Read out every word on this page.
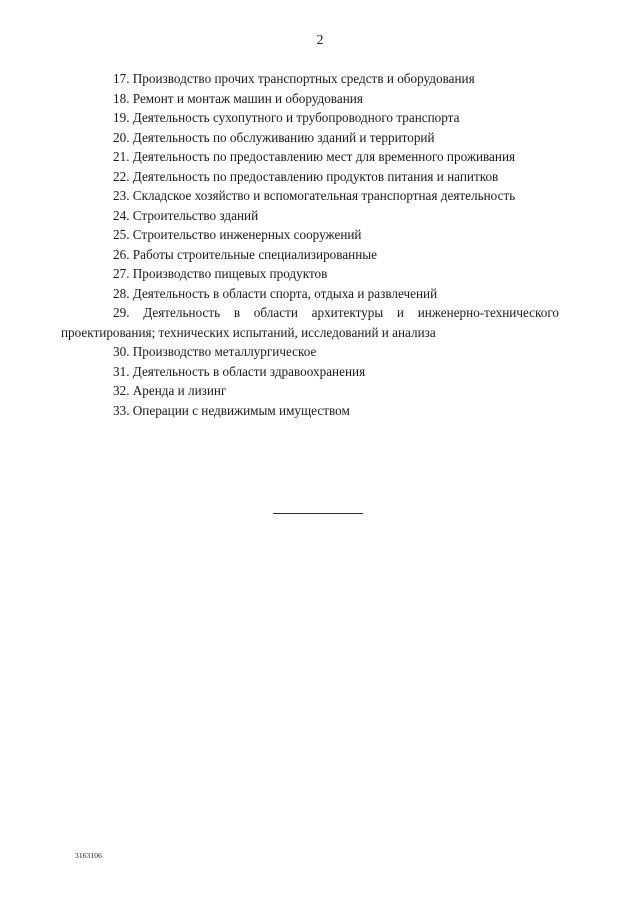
2
17. Производство прочих транспортных средств и оборудования
18. Ремонт и монтаж машин и оборудования
19. Деятельность сухопутного и трубопроводного транспорта
20. Деятельность по обслуживанию зданий и территорий
21. Деятельность по предоставлению мест для временного проживания
22. Деятельность по предоставлению продуктов питания и напитков
23. Складское хозяйство и вспомогательная транспортная деятельность
24. Строительство зданий
25. Строительство инженерных сооружений
26. Работы строительные специализированные
27. Производство пищевых продуктов
28. Деятельность в области спорта, отдыха и развлечений
29. Деятельность в области архитектуры и инженерно-технического проектирования; технических испытаний, исследований и анализа
30. Производство металлургическое
31. Деятельность в области здравоохранения
32. Аренда и лизинг
33. Операции с недвижимым имуществом
3163106
